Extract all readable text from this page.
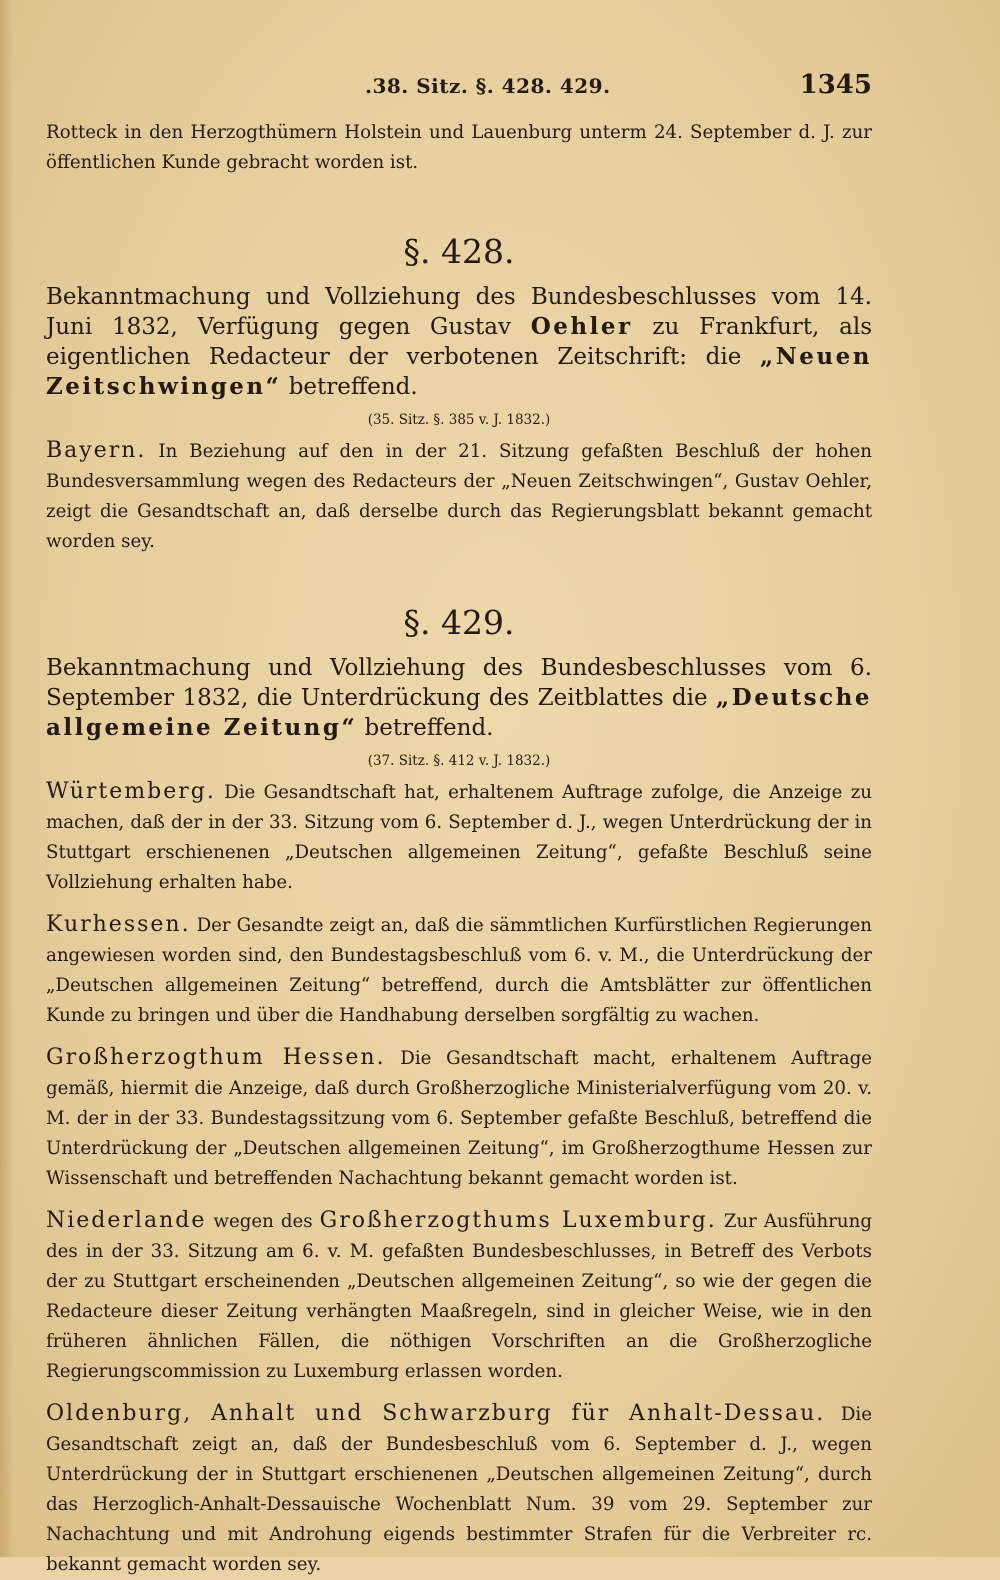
.38. Sitz. §. 428. 429.	1345

Rotteck in den Herzogthümern Holstein und Lauenburg unterm 24. September d. J. zur öffentlichen Kunde gebracht worden ist.

§. 428.

Bekanntmachung und Vollziehung des Bundesbeschlusses vom 14. Juni 1832, Verfügung gegen Gustav Oehler zu Frankfurt, als eigentlichen Redacteur der verbotenen Zeitschrift: die „Neuen Zeitschwingen“ betreffend.

(35. Sitz. §. 385 v. J. 1832.)

Bayern. In Beziehung auf den in der 21. Sitzung gefaßten Beschluß der hohen Bundesversammlung wegen des Redacteurs der „Neuen Zeitschwingen“, Gustav Oehler, zeigt die Gesandtschaft an, daß derselbe durch das Regierungsblatt bekannt gemacht worden sey.

§. 429.

Bekanntmachung und Vollziehung des Bundesbeschlusses vom 6. September 1832, die Unterdrückung des Zeitblattes die „Deutsche allgemeine Zeitung“ betreffend.

(37. Sitz. §. 412 v. J. 1832.)

Würtemberg. Die Gesandtschaft hat, erhaltenem Auftrage zufolge, die Anzeige zu machen, daß der in der 33. Sitzung vom 6. September d. J., wegen Unterdrückung der in Stuttgart erschienenen „Deutschen allgemeinen Zeitung“, gefaßte Beschluß seine Vollziehung erhalten habe.

Kurhessen. Der Gesandte zeigt an, daß die sämmtlichen Kurfürstlichen Regierungen angewiesen worden sind, den Bundestagsbeschluß vom 6. v. M., die Unterdrückung der „Deutschen allgemeinen Zeitung“ betreffend, durch die Amtsblätter zur öffentlichen Kunde zu bringen und über die Handhabung derselben sorgfältig zu wachen.

Großherzogthum Hessen. Die Gesandtschaft macht, erhaltenem Auftrage gemäß, hiermit die Anzeige, daß durch Großherzogliche Ministerialverfügung vom 20. v. M. der in der 33. Bundestagssitzung vom 6. September gefaßte Beschluß, betreffend die Unterdrückung der „Deutschen allgemeinen Zeitung“, im Großherzogthume Hessen zur Wissenschaft und betreffenden Nachachtung bekannt gemacht worden ist.

Niederlande wegen des Großherzogthums Luxemburg. Zur Ausführung des in der 33. Sitzung am 6. v. M. gefaßten Bundesbeschlusses, in Betreff des Verbots der zu Stuttgart erscheinenden „Deutschen allgemeinen Zeitung“, so wie der gegen die Redacteure dieser Zeitung verhängten Maaßregeln, sind in gleicher Weise, wie in den früheren ähnlichen Fällen, die nöthigen Vorschriften an die Großherzogliche Regierungscommission zu Luxemburg erlassen worden.

Oldenburg, Anhalt und Schwarzburg für Anhalt-Dessau. Die Gesandtschaft zeigt an, daß der Bundesbeschluß vom 6. September d. J., wegen Unterdrückung der in Stuttgart erschienenen „Deutschen allgemeinen Zeitung“, durch das Herzoglich-Anhalt-Dessauische Wochenblatt Num. 39 vom 29. September zur Nachachtung und mit Androhung eigends bestimmter Strafen für die Verbreiter rc. bekannt gemacht worden sey.
